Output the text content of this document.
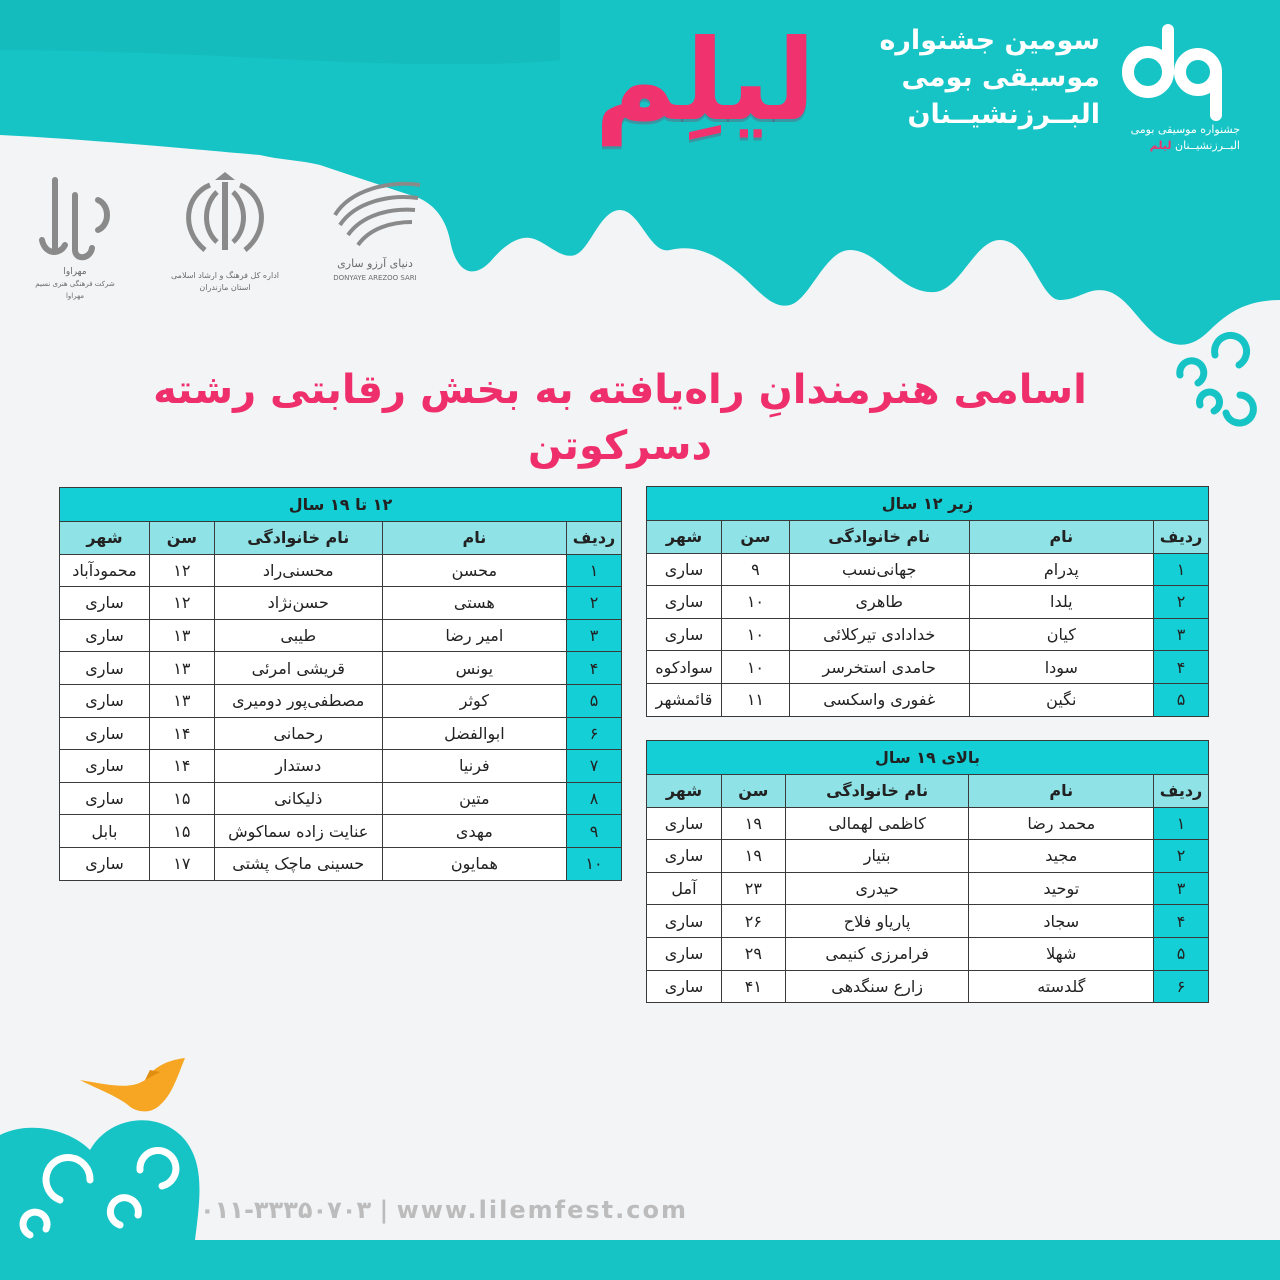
جشنواره موسیقی بومی
البــرزنشیــنان لیلم
سومین جشنواره
موسیقی بومی
البــرزنشیــنان
لیلِم
دنیای آرزو ساری
DONYAYE AREZOO SARI
اداره کل فرهنگ و ارشاد اسلامی استان مازندران
مهراوا
شرکت فرهنگی هنری نسیم مهراوا
اسامی هنرمندانِ راه‌یافته به بخش رقابتی رشته دسرکوتن
زیر ۱۲ سال				
ردیف	نام	نام خانوادگی	سن	شهر
۱	پدرام	جهانی‌نسب	۹	ساری
۲	یلدا	طاهری	۱۰	ساری
۳	کیان	خدادادی تیرکلائی	۱۰	ساری
۴	سودا	حامدی استخرسر	۱۰	سوادکوه
۵	نگین	غفوری واسکسی	۱۱	قائمشهر
۱۲ تا ۱۹ سال				
ردیف	نام	نام خانوادگی	سن	شهر
۱	محسن	محسنی‌راد	۱۲	محمودآباد
۲	هستی	حسن‌نژاد	۱۲	ساری
۳	امیر رضا	طیبی	۱۳	ساری
۴	یونس	قریشی امرئی	۱۳	ساری
۵	کوثر	مصطفی‌پور دومیری	۱۳	ساری
۶	ابوالفضل	رحمانی	۱۴	ساری
۷	فرنیا	دستدار	۱۴	ساری
۸	متین	ذلیکانی	۱۵	ساری
۹	مهدی	عنایت زاده سماکوش	۱۵	بابل
۱۰	همایون	حسینی ماچک پشتی	۱۷	ساری
بالای ۱۹ سال				
ردیف	نام	نام خانوادگی	سن	شهر
۱	محمد رضا	کاظمی لهمالی	۱۹	ساری
۲	مجید	بتیار	۱۹	ساری
۳	توحید	حیدری	۲۳	آمل
۴	سجاد	پاریاو فلاح	۲۶	ساری
۵	شهلا	فرامرزی کنیمی	۲۹	ساری
۶	گلدسته	زارع سنگدهی	۴۱	ساری
۰۱۱-۳۳۳۵۰۷۰۳ | www.lilemfest.com
